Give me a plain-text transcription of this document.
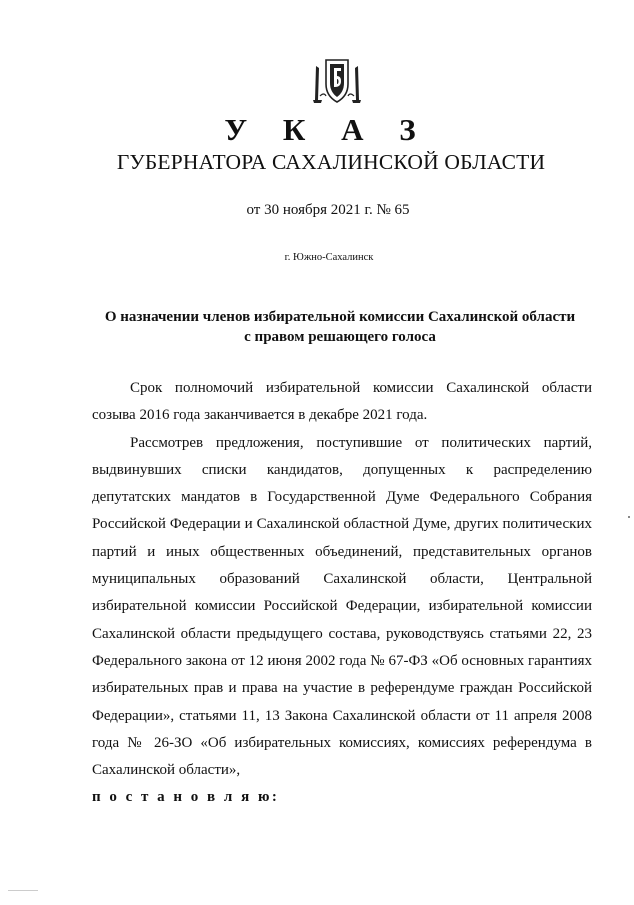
У К А З
ГУБЕРНАТОРА САХАЛИНСКОЙ ОБЛАСТИ
от 30 ноября 2021 г. № 65
г. Южно-Сахалинск
О назначении членов избирательной комиссии Сахалинской области
с правом решающего голоса

Срок полномочий избирательной комиссии Сахалинской области созыва 2016 года заканчивается в декабре 2021 года.

Рассмотрев предложения, поступившие от политических партий, выдвинувших списки кандидатов, допущенных к распределению депутатских мандатов в Государственной Думе Федерального Собрания Российской Федерации и Сахалинской областной Думе, других политических партий и иных общественных объединений, представительных органов муниципальных образований Сахалинской области, Центральной избирательной комиссии Российской Федерации, избирательной комиссии Сахалинской области предыдущего состава, руководствуясь статьями 22, 23 Федерального закона от 12 июня 2002 года № 67-ФЗ «Об основных гарантиях избирательных прав и права на участие в референдуме граждан Российской Федерации», статьями 11, 13 Закона Сахалинской области от 11 апреля 2008 года № 26-ЗО «Об избирательных комиссиях, комиссиях референдума в Сахалинской области»,

п о с т а н о в л я ю:
